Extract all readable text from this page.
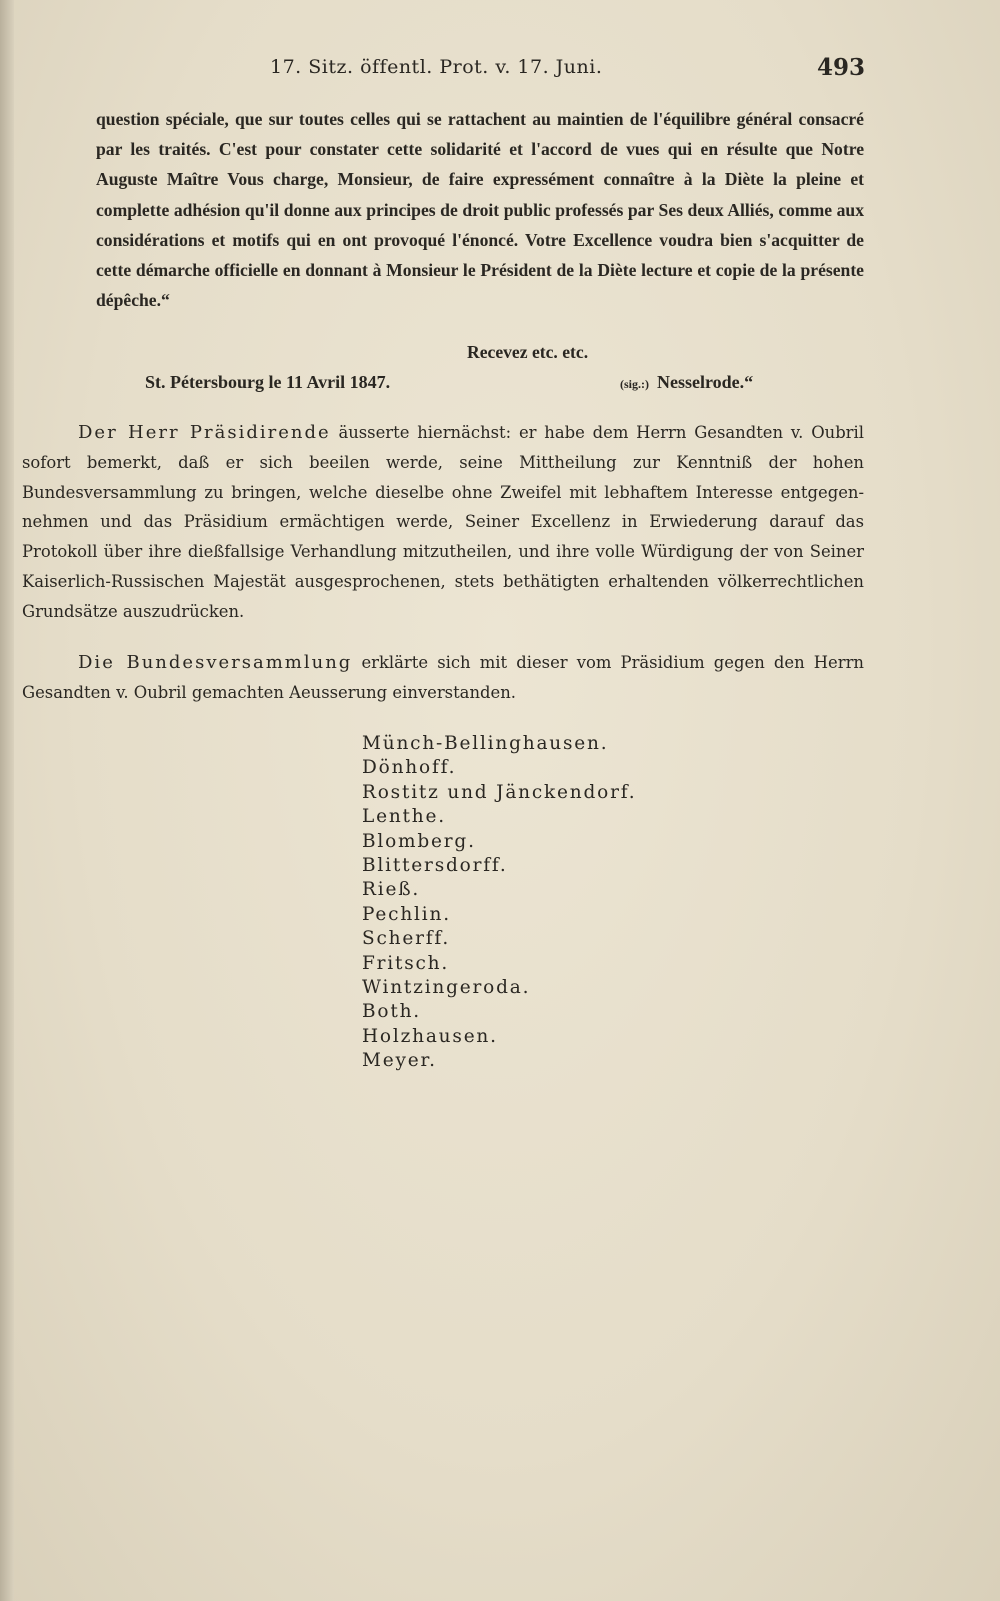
17. Sitz. öffentl. Prot. v. 17. Juni.	493

question spéciale, que sur toutes celles qui se rattachent au maintien de l'équilibre général consacré par les traités. C'est pour constater cette solidarité et l'accord de vues qui en résulte que Notre Auguste Maître Vous charge, Monsieur, de faire expressément connaître à la Diète la pleine et complette adhésion qu'il donne aux principes de droit public professés par Ses deux Alliés, comme aux considérations et motifs qui en ont provoqué l'énoncé. Votre Excellence voudra bien s'acquitter de cette démarche officielle en donnant à Monsieur le Président de la Diète lecture et copie de la présente dépêche.“

Recevez etc. etc.
St. Pétersbourg le 11 Avril 1847.	(sig.:) Nesselrode.“

Der Herr Präsidirende äusserte hiernächst: er habe dem Herrn Gesandten v. Oubril sofort bemerkt, daß er sich beeilen werde, seine Mittheilung zur Kenntniß der hohen Bundesversammlung zu bringen, welche dieselbe ohne Zweifel mit lebhaftem Interesse entgegen-nehmen und das Präsidium ermächtigen werde, Seiner Excellenz in Erwiederung darauf das Protokoll über ihre dießfallsige Verhandlung mitzutheilen, und ihre volle Würdigung der von Seiner Kaiserlich-Russischen Majestät ausgesprochenen, stets bethätigten erhaltenden völkerrechtlichen Grundsätze auszudrücken.

Die Bundesversammlung erklärte sich mit dieser vom Präsidium gegen den Herrn Gesandten v. Oubril gemachten Aeusserung einverstanden.

Münch-Bellinghausen.
Dönhoff.
Rostitz und Jänckendorf.
Lenthe.
Blomberg.
Blittersdorff.
Rieß.
Pechlin.
Scherff.
Fritsch.
Wintzingeroda.
Both.
Holzhausen.
Meyer.
